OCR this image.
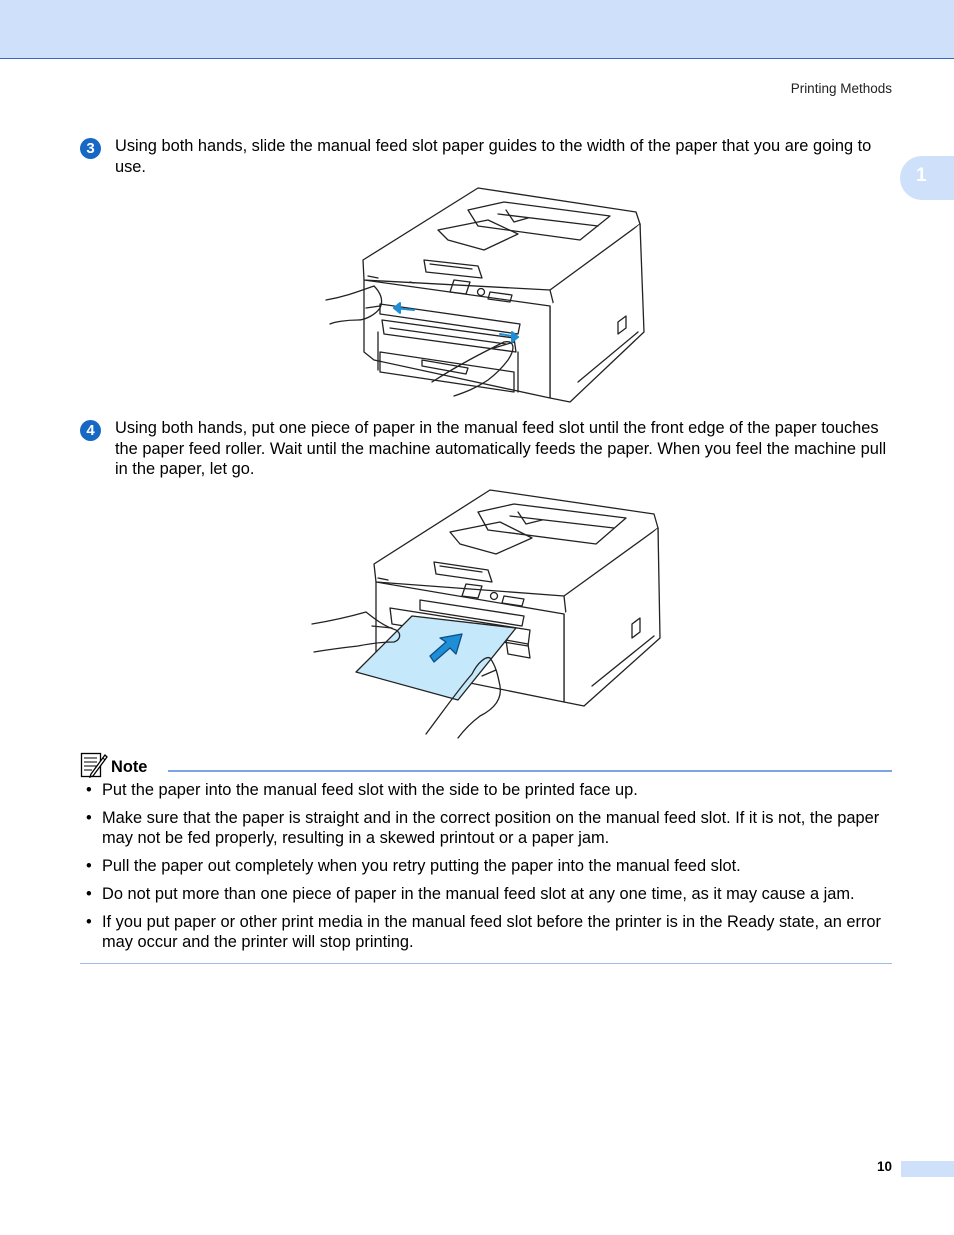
Printing Methods
1
3	Using both hands, slide the manual feed slot paper guides to the width of the paper that you are going to use.

4	Using both hands, put one piece of paper in the manual feed slot until the front edge of the paper touches the paper feed roller. Wait until the machine automatically feeds the paper. When you feel the machine pull in the paper, let go.

Note
• Put the paper into the manual feed slot with the side to be printed face up.
• Make sure that the paper is straight and in the correct position on the manual feed slot. If it is not, the paper may not be fed properly, resulting in a skewed printout or a paper jam.
• Pull the paper out completely when you retry putting the paper into the manual feed slot.
• Do not put more than one piece of paper in the manual feed slot at any one time, as it may cause a jam.
• If you put paper or other print media in the manual feed slot before the printer is in the Ready state, an error may occur and the printer will stop printing.
10
